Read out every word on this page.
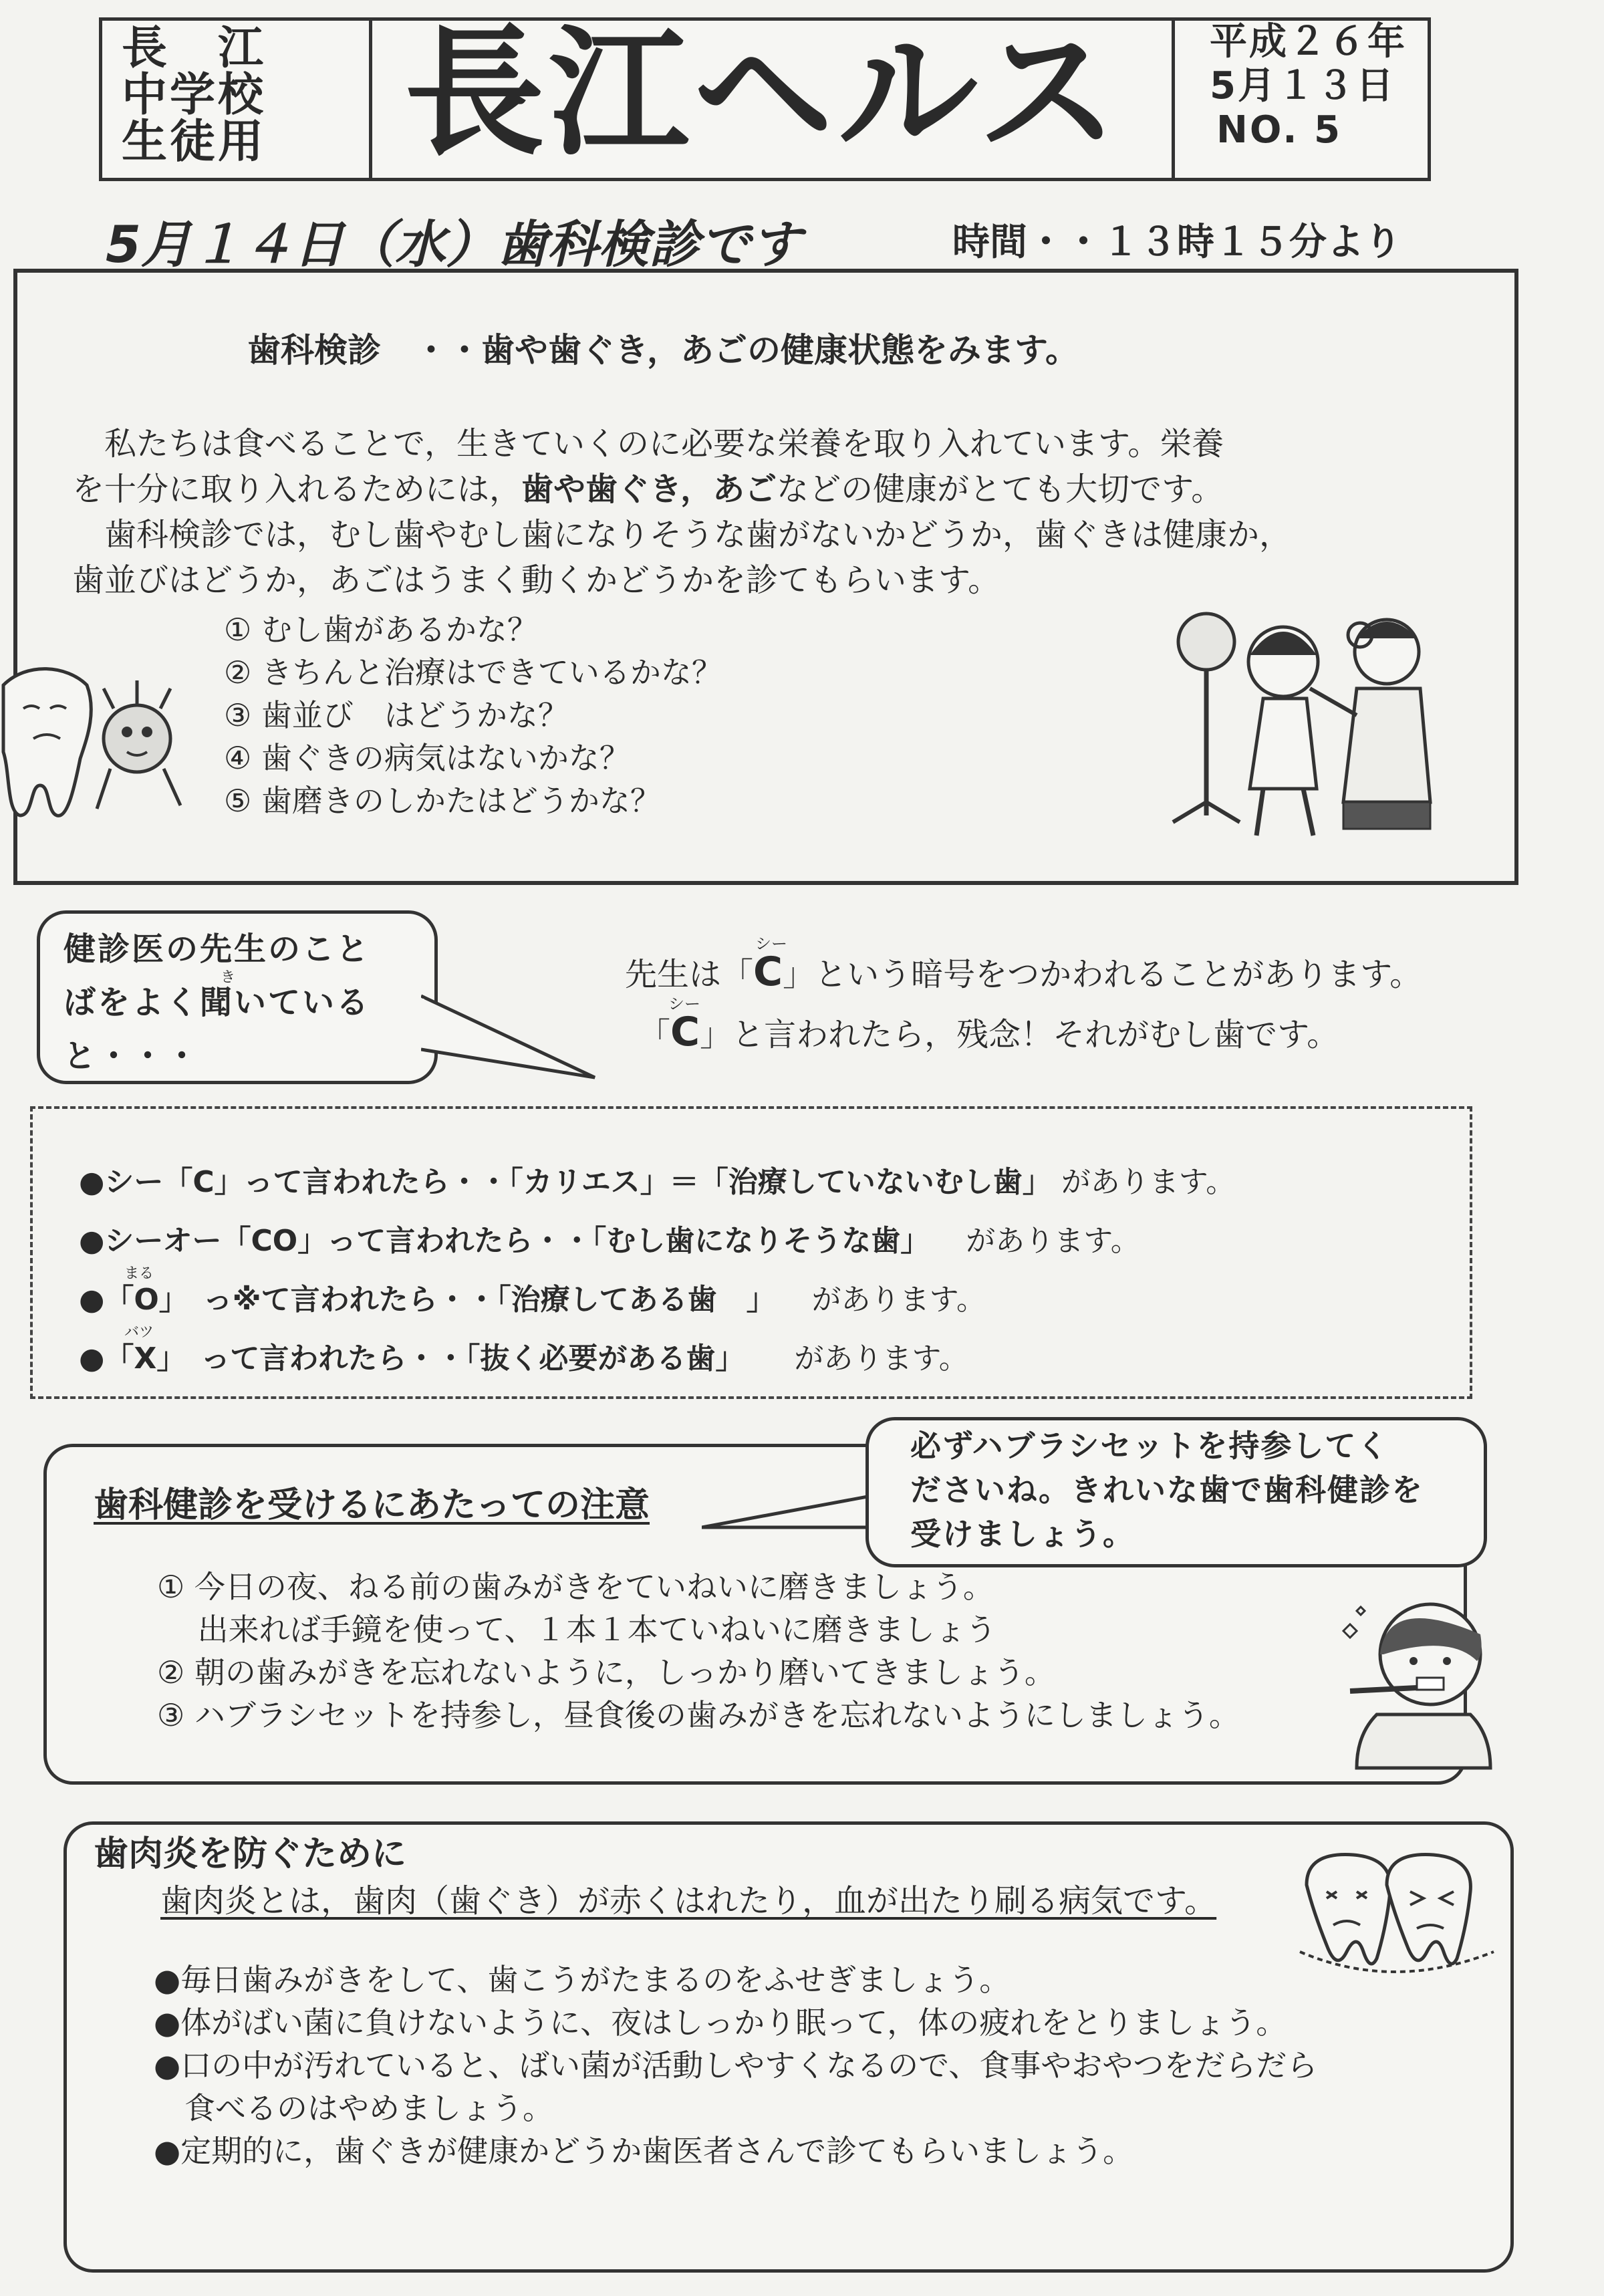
長　江
中学校
生徒用 長江ヘルス 平成２６年
5月１３日
NO. 5
5月１４日（水）歯科検診です	時間・・１３時１５分より
歯科検診　・・歯や歯ぐき，あごの健康状態をみます。
　私たちは食べることで，生きていくのに必要な栄養を取り入れています。栄養
を十分に取り入れるためには，歯や歯ぐき，あごなどの健康がとても大切です。
　歯科検診では，むし歯やむし歯になりそうな歯がないかどうか，歯ぐきは健康か，
歯並びはどうか，あごはうまく動くかどうかを診てもらいます。
① むし歯があるかな？
② きちんと治療はできているかな？
③ 歯並び　はどうかな？
④ 歯ぐきの病気はないかな？
⑤ 歯磨きのしかたはどうかな？
健診医の先生のこと
ばをよく聞いている
と・・・
き
シー
先生は「C」という暗号をつかわれることがあります。
シー
「C」と言われたら，残念！それがむし歯です。
●シー「C」って言われたら・・「カリエス」＝「治療していないむし歯」 があります。
●シーオー「CO」って言われたら・・「むし歯になりそうな歯」 があります。
まる
●「O」　っ※て言われたら・・「治療してある歯　」 があります。
バツ
●「X」　って言われたら・・「抜く必要がある歯」 があります。
歯科健診を受けるにあたっての注意
必ずハブラシセットを持参してく
ださいね。きれいな歯で歯科健診を
受けましょう。
① 今日の夜、ねる前の歯みがきをていねいに磨きましょう。
　 出来れば手鏡を使って、１本１本ていねいに磨きましょう
② 朝の歯みがきを忘れないように，しっかり磨いてきましょう。
③ ハブラシセットを持参し，昼食後の歯みがきを忘れないようにしましょう。
歯肉炎を防ぐために
歯肉炎とは，歯肉（歯ぐき）が赤くはれたり，血が出たり刷る病気です。
●毎日歯みがきをして、歯こうがたまるのをふせぎましょう。
●体がばい菌に負けないように、夜はしっかり眠って，体の疲れをとりましょう。
●口の中が汚れていると、ばい菌が活動しやすくなるので、食事やおやつをだらだら
　食べるのはやめましょう。
●定期的に，歯ぐきが健康かどうか歯医者さんで診てもらいましょう。
